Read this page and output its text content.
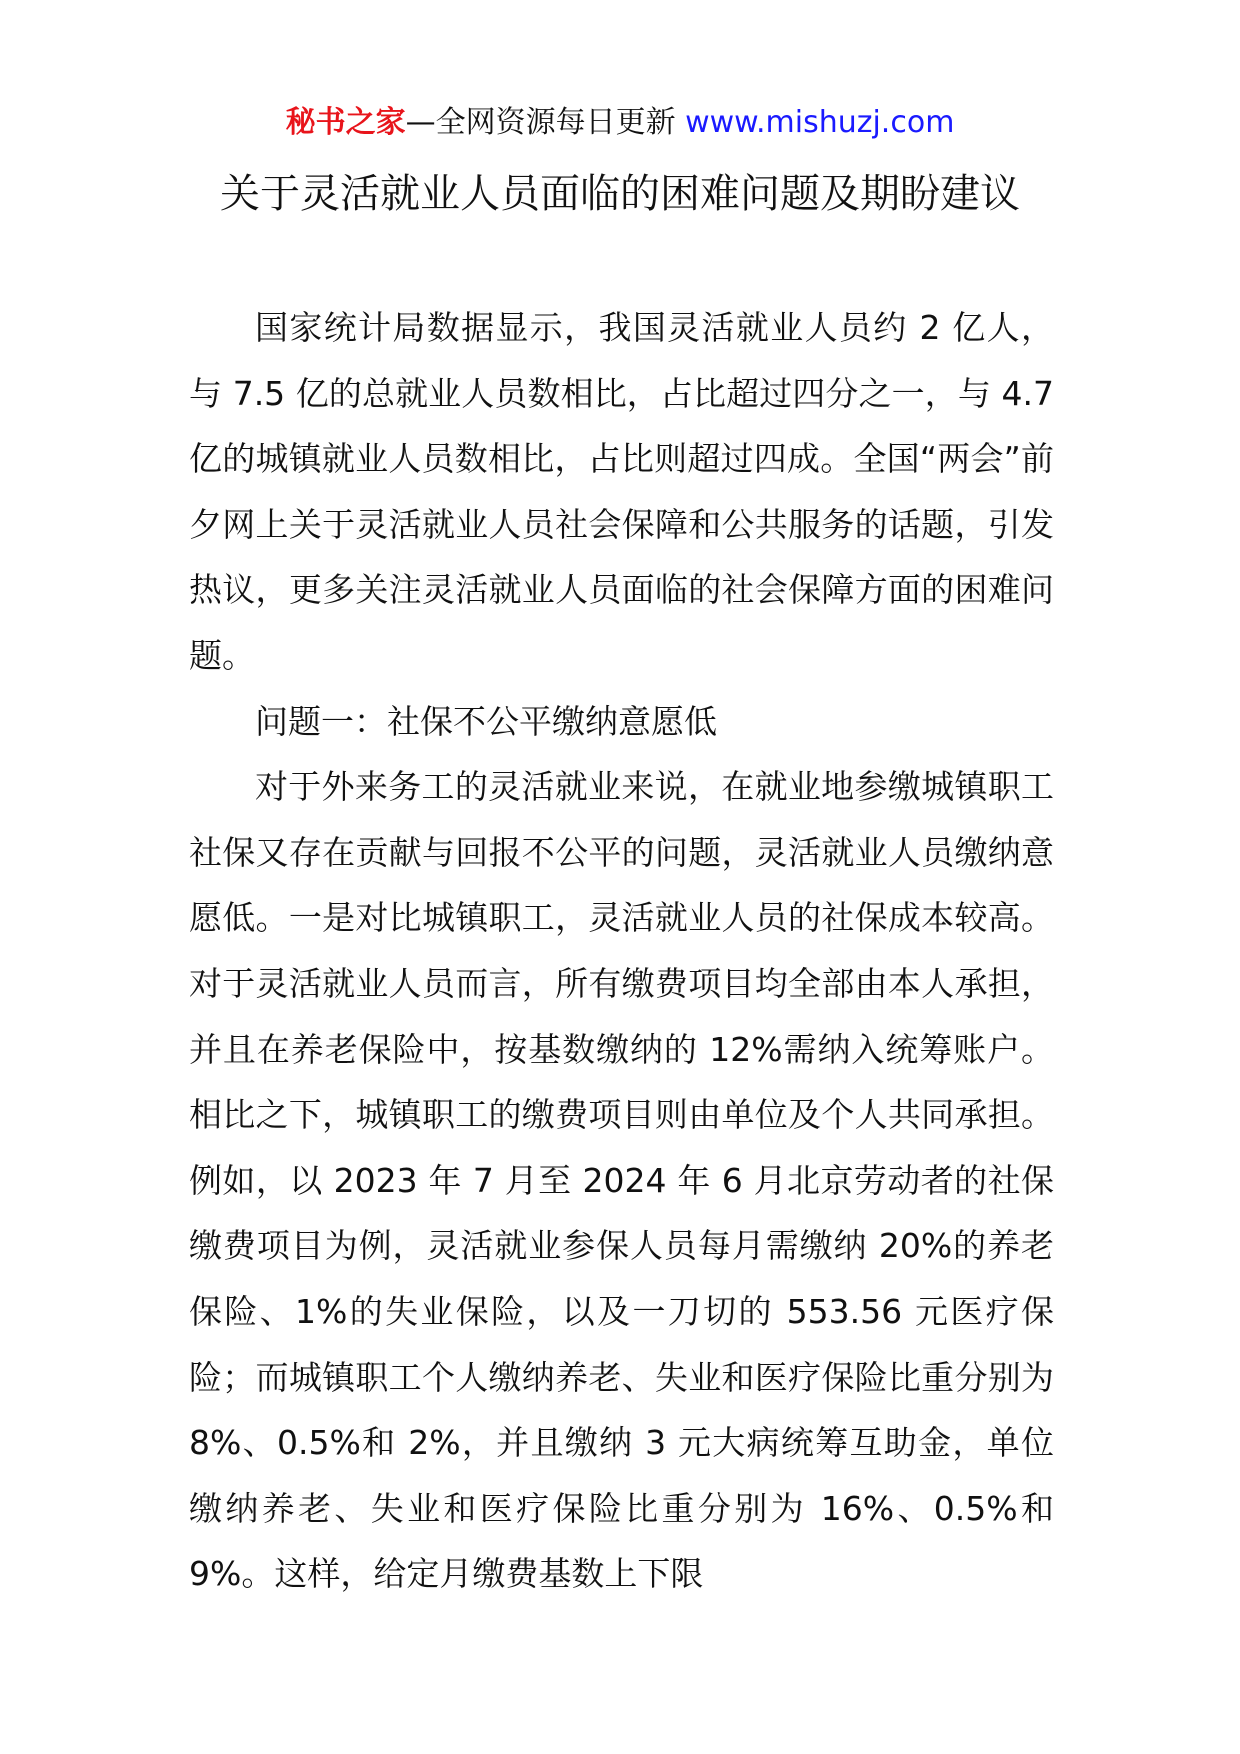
秘书之家—全网资源每日更新 www.mishuzj.com
关于灵活就业人员面临的困难问题及期盼建议

国家统计局数据显示，我国灵活就业人员约 2 亿人，与 7.5 亿的总就业人员数相比，占比超过四分之一，与 4.7 亿的城镇就业人员数相比，占比则超过四成。全国“两会”前夕网上关于灵活就业人员社会保障和公共服务的话题，引发热议，更多关注灵活就业人员面临的社会保障方面的困难问题。

问题一：社保不公平缴纳意愿低

对于外来务工的灵活就业来说，在就业地参缴城镇职工社保又存在贡献与回报不公平的问题，灵活就业人员缴纳意愿低。一是对比城镇职工，灵活就业人员的社保成本较高。对于灵活就业人员而言，所有缴费项目均全部由本人承担，并且在养老保险中，按基数缴纳的 12%需纳入统筹账户。相比之下，城镇职工的缴费项目则由单位及个人共同承担。例如，以 2023 年 7 月至 2024 年 6 月北京劳动者的社保缴费项目为例，灵活就业参保人员每月需缴纳 20%的养老保险、1%的失业保险，以及一刀切的 553.56 元医疗保险；而城镇职工个人缴纳养老、失业和医疗保险比重分别为 8%、0.5%和 2%，并且缴纳 3 元大病统筹互助金，单位缴纳养老、失业和医疗保险比重分别为 16%、0.5%和 9%。这样，给定月缴费基数上下限
